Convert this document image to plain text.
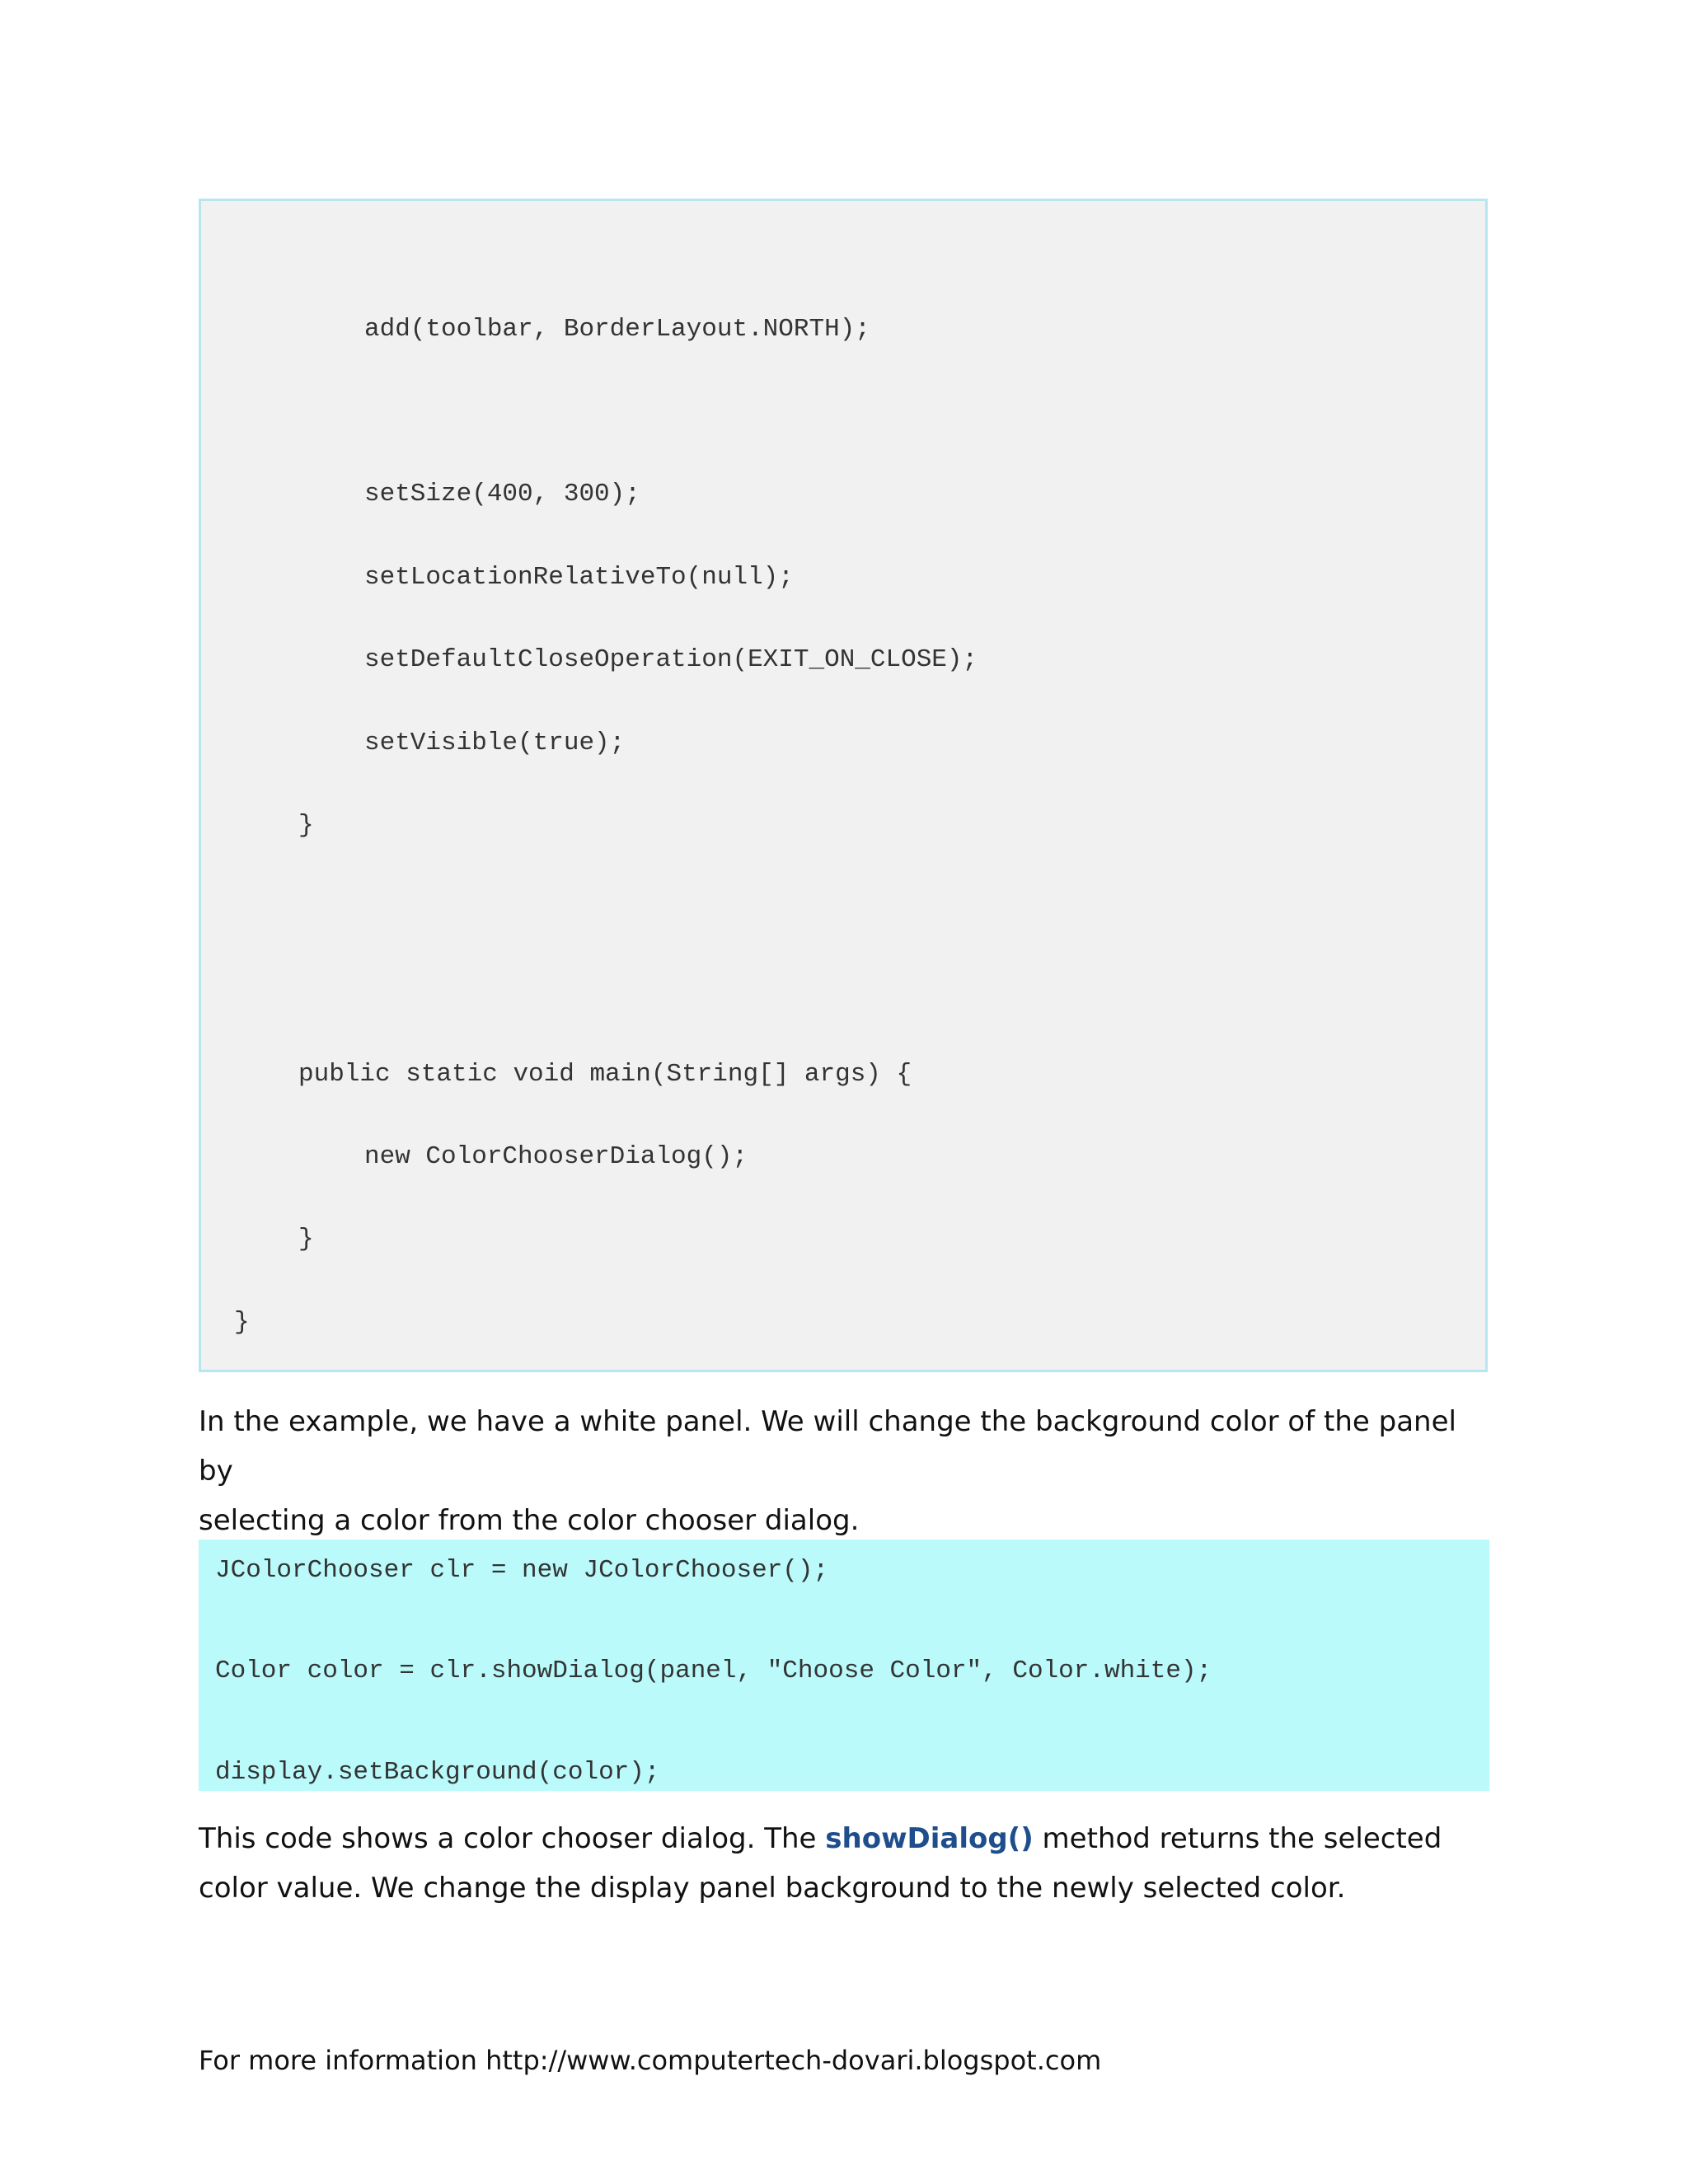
add(toolbar, BorderLayout.NORTH);
setSize(400, 300);
setLocationRelativeTo(null);
setDefaultCloseOperation(EXIT_ON_CLOSE);
setVisible(true);
}
public static void main(String[] args) {
new ColorChooserDialog();
}
}
In the example, we have a white panel. We will change the background color of the panel by
selecting a color from the color chooser dialog.
JColorChooser clr = new JColorChooser();
Color color = clr.showDialog(panel, "Choose Color", Color.white);
display.setBackground(color);
This code shows a color chooser dialog. The showDialog() method returns the selected
color value. We change the display panel background to the newly selected color.
For more information http://www.computertech-dovari.blogspot.com
